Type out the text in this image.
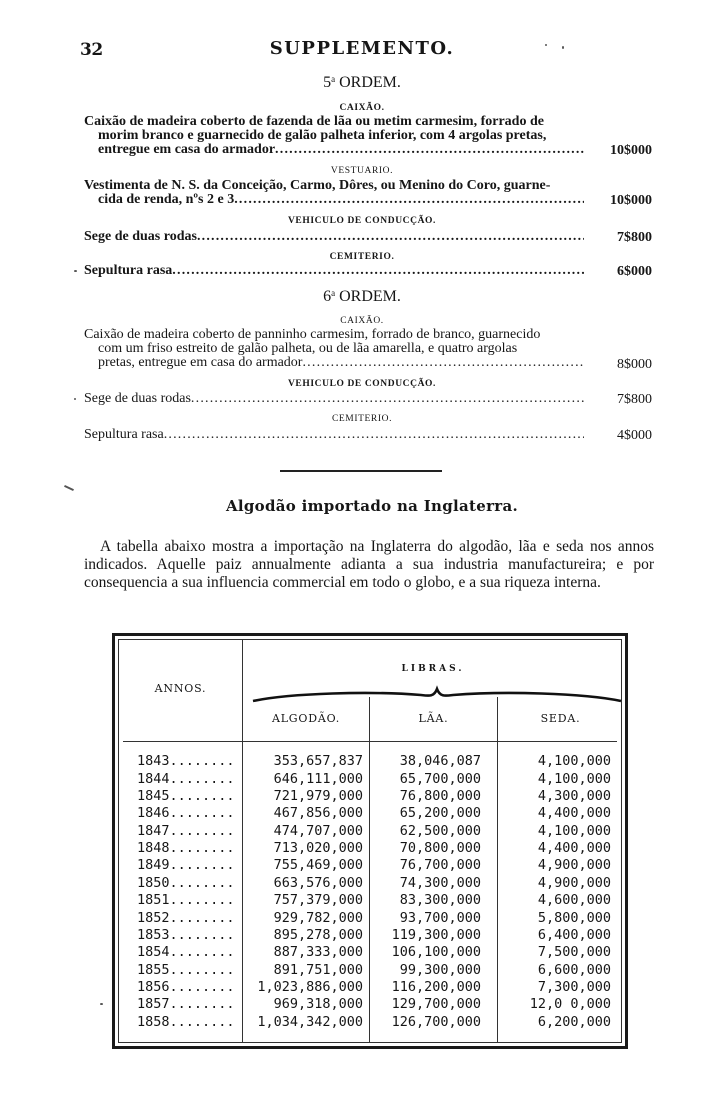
32	SUPPLEMENTO.
5$^a$ ORDEM.
CAIXÃO.
Caixão de madeira coberto de fazenda de lãa ou metim carmesim, forrado de
morim branco e guarnecido de galão palheta inferior, com 4 argolas pretas,
entregue em casa do armador .....	10$000
VESTUARIO.
Vestimenta de N. S. da Conceição, Carmo, Dôres, ou Menino do Coro, guarne-
cida de renda, nºs 2 e 3 .....	10$000
VEHICULO DE CONDUCÇÃO.
Sege de duas rodas .....	7$800
CEMITERIO.
Sepultura rasa .....	6$000
6$^a$ ORDEM.
CAIXÃO.
Caixão de madeira coberto de panninho carmesim, forrado de branco, guarnecido
com um friso estreito de galão palheta, ou de lãa amarella, e quatro argolas
pretas, entregue em casa do armador .....	8$000
VEHICULO DE CONDUCÇÃO.
Sege de duas rodas .....	7$800
CEMITERIO.
Sepultura rasa .....	4$000
Algodão importado na Inglaterra.

A tabella abaixo mostra a importação na Inglaterra do algodão, lãa e seda nos annos indicados. Aquelle paiz annualmente adianta a sua industria manufactureira; e por consequencia a sua influencia commercial em todo o globo, e a sua riqueza interna.

ANNOS.
LIBRAS.
ALGODÃO.	LÃA.	SEDA.
1843........	353,657,837	38,046,087	4,100,000
1844........	646,111,000	65,700,000	4,100,000
1845........	721,979,000	76,800,000	4,300,000
1846........	467,856,000	65,200,000	4,400,000
1847........	474,707,000	62,500,000	4,100,000
1848........	713,020,000	70,800,000	4,400,000
1849........	755,469,000	76,700,000	4,900,000
1850........	663,576,000	74,300,000	4,900,000
1851........	757,379,000	83,300,000	4,600,000
1852........	929,782,000	93,700,000	5,800,000
1853........	895,278,000	119,300,000	6,400,000
1854........	887,333,000	106,100,000	7,500,000
1855........	891,751,000	99,300,000	6,600,000
1856........	1,023,886,000	116,200,000	7,300,000
1857........	969,318,000	129,700,000	12,0 0,000
1858........	1,034,342,000	126,700,000	6,200,000
